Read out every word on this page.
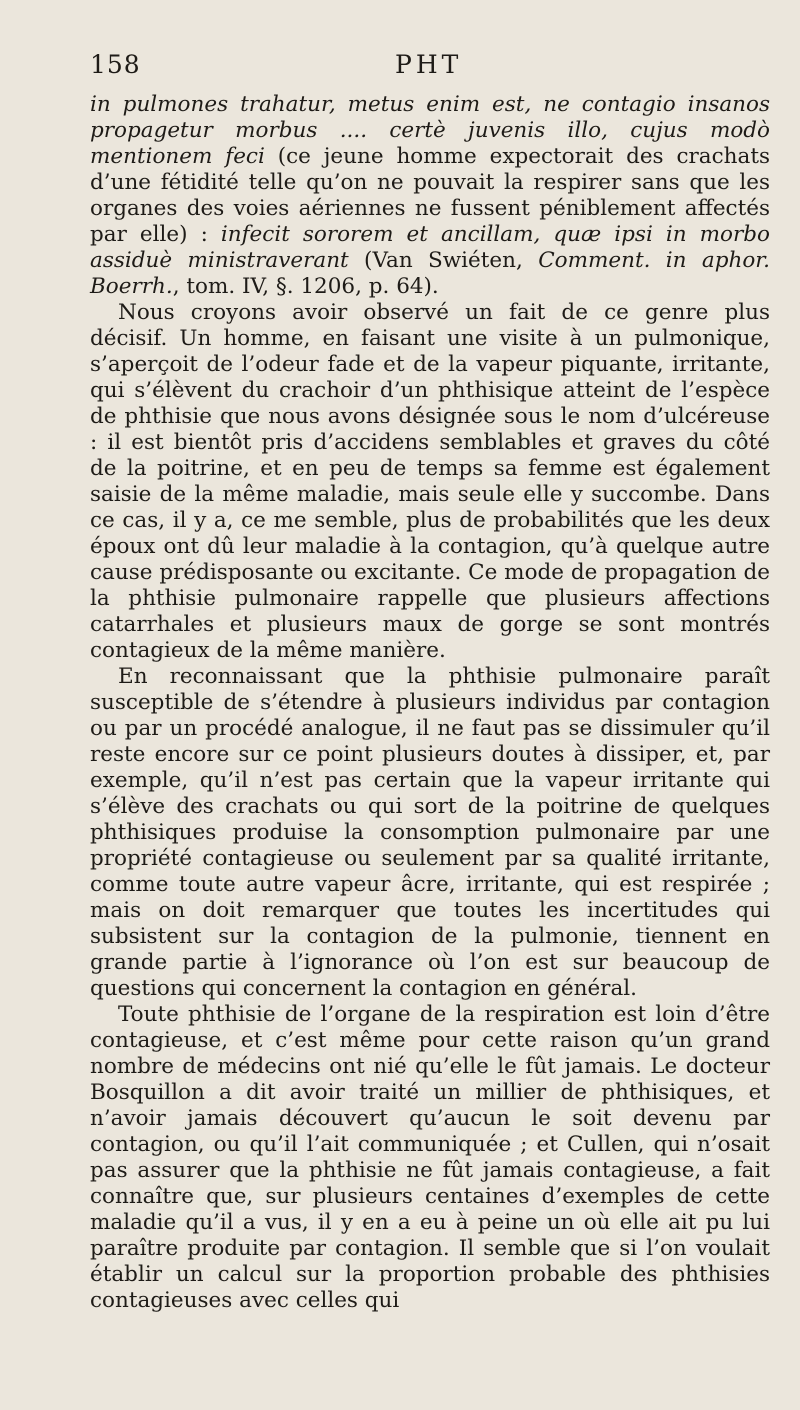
158	PHT

in pulmones trahatur, metus enim est, ne contagio insanos propagetur morbus .... certè juvenis illo, cujus modò mentionem feci (ce jeune homme expectorait des crachats d’une fétidité telle qu’on ne pouvait la respirer sans que les organes des voies aériennes ne fussent péniblement affectés par elle) : infecit sororem et ancillam, quæ ipsi in morbo assiduè ministraverant (Van Swiéten, Comment. in aphor. Boerrh., tom. IV, §. 1206, p. 64).

Nous croyons avoir observé un fait de ce genre plus décisif. Un homme, en faisant une visite à un pulmonique, s’aperçoit de l’odeur fade et de la vapeur piquante, irritante, qui s’élèvent du crachoir d’un phthisique atteint de l’espèce de phthisie que nous avons désignée sous le nom d’ulcéreuse : il est bientôt pris d’accidens semblables et graves du côté de la poitrine, et en peu de temps sa femme est également saisie de la même maladie, mais seule elle y succombe. Dans ce cas, il y a, ce me semble, plus de probabilités que les deux époux ont dû leur maladie à la contagion, qu’à quelque autre cause prédisposante ou excitante. Ce mode de propagation de la phthisie pulmonaire rappelle que plusieurs affections catarrhales et plusieurs maux de gorge se sont montrés contagieux de la même manière.

En reconnaissant que la phthisie pulmonaire paraît susceptible de s’étendre à plusieurs individus par contagion ou par un procédé analogue, il ne faut pas se dissimuler qu’il reste encore sur ce point plusieurs doutes à dissiper, et, par exemple, qu’il n’est pas certain que la vapeur irritante qui s’élève des crachats ou qui sort de la poitrine de quelques phthisiques produise la consomption pulmonaire par une propriété contagieuse ou seulement par sa qualité irritante, comme toute autre vapeur âcre, irritante, qui est respirée ; mais on doit remarquer que toutes les incertitudes qui subsistent sur la contagion de la pulmonie, tiennent en grande partie à l’ignorance où l’on est sur beaucoup de questions qui concernent la contagion en général.

Toute phthisie de l’organe de la respiration est loin d’être contagieuse, et c’est même pour cette raison qu’un grand nombre de médecins ont nié qu’elle le fût jamais. Le docteur Bosquillon a dit avoir traité un millier de phthisiques, et n’avoir jamais découvert qu’aucun le soit devenu par contagion, ou qu’il l’ait communiquée ; et Cullen, qui n’osait pas assurer que la phthisie ne fût jamais contagieuse, a fait connaître que, sur plusieurs centaines d’exemples de cette maladie qu’il a vus, il y en a eu à peine un où elle ait pu lui paraître produite par contagion. Il semble que si l’on voulait établir un calcul sur la proportion probable des phthisies contagieuses avec celles qui
